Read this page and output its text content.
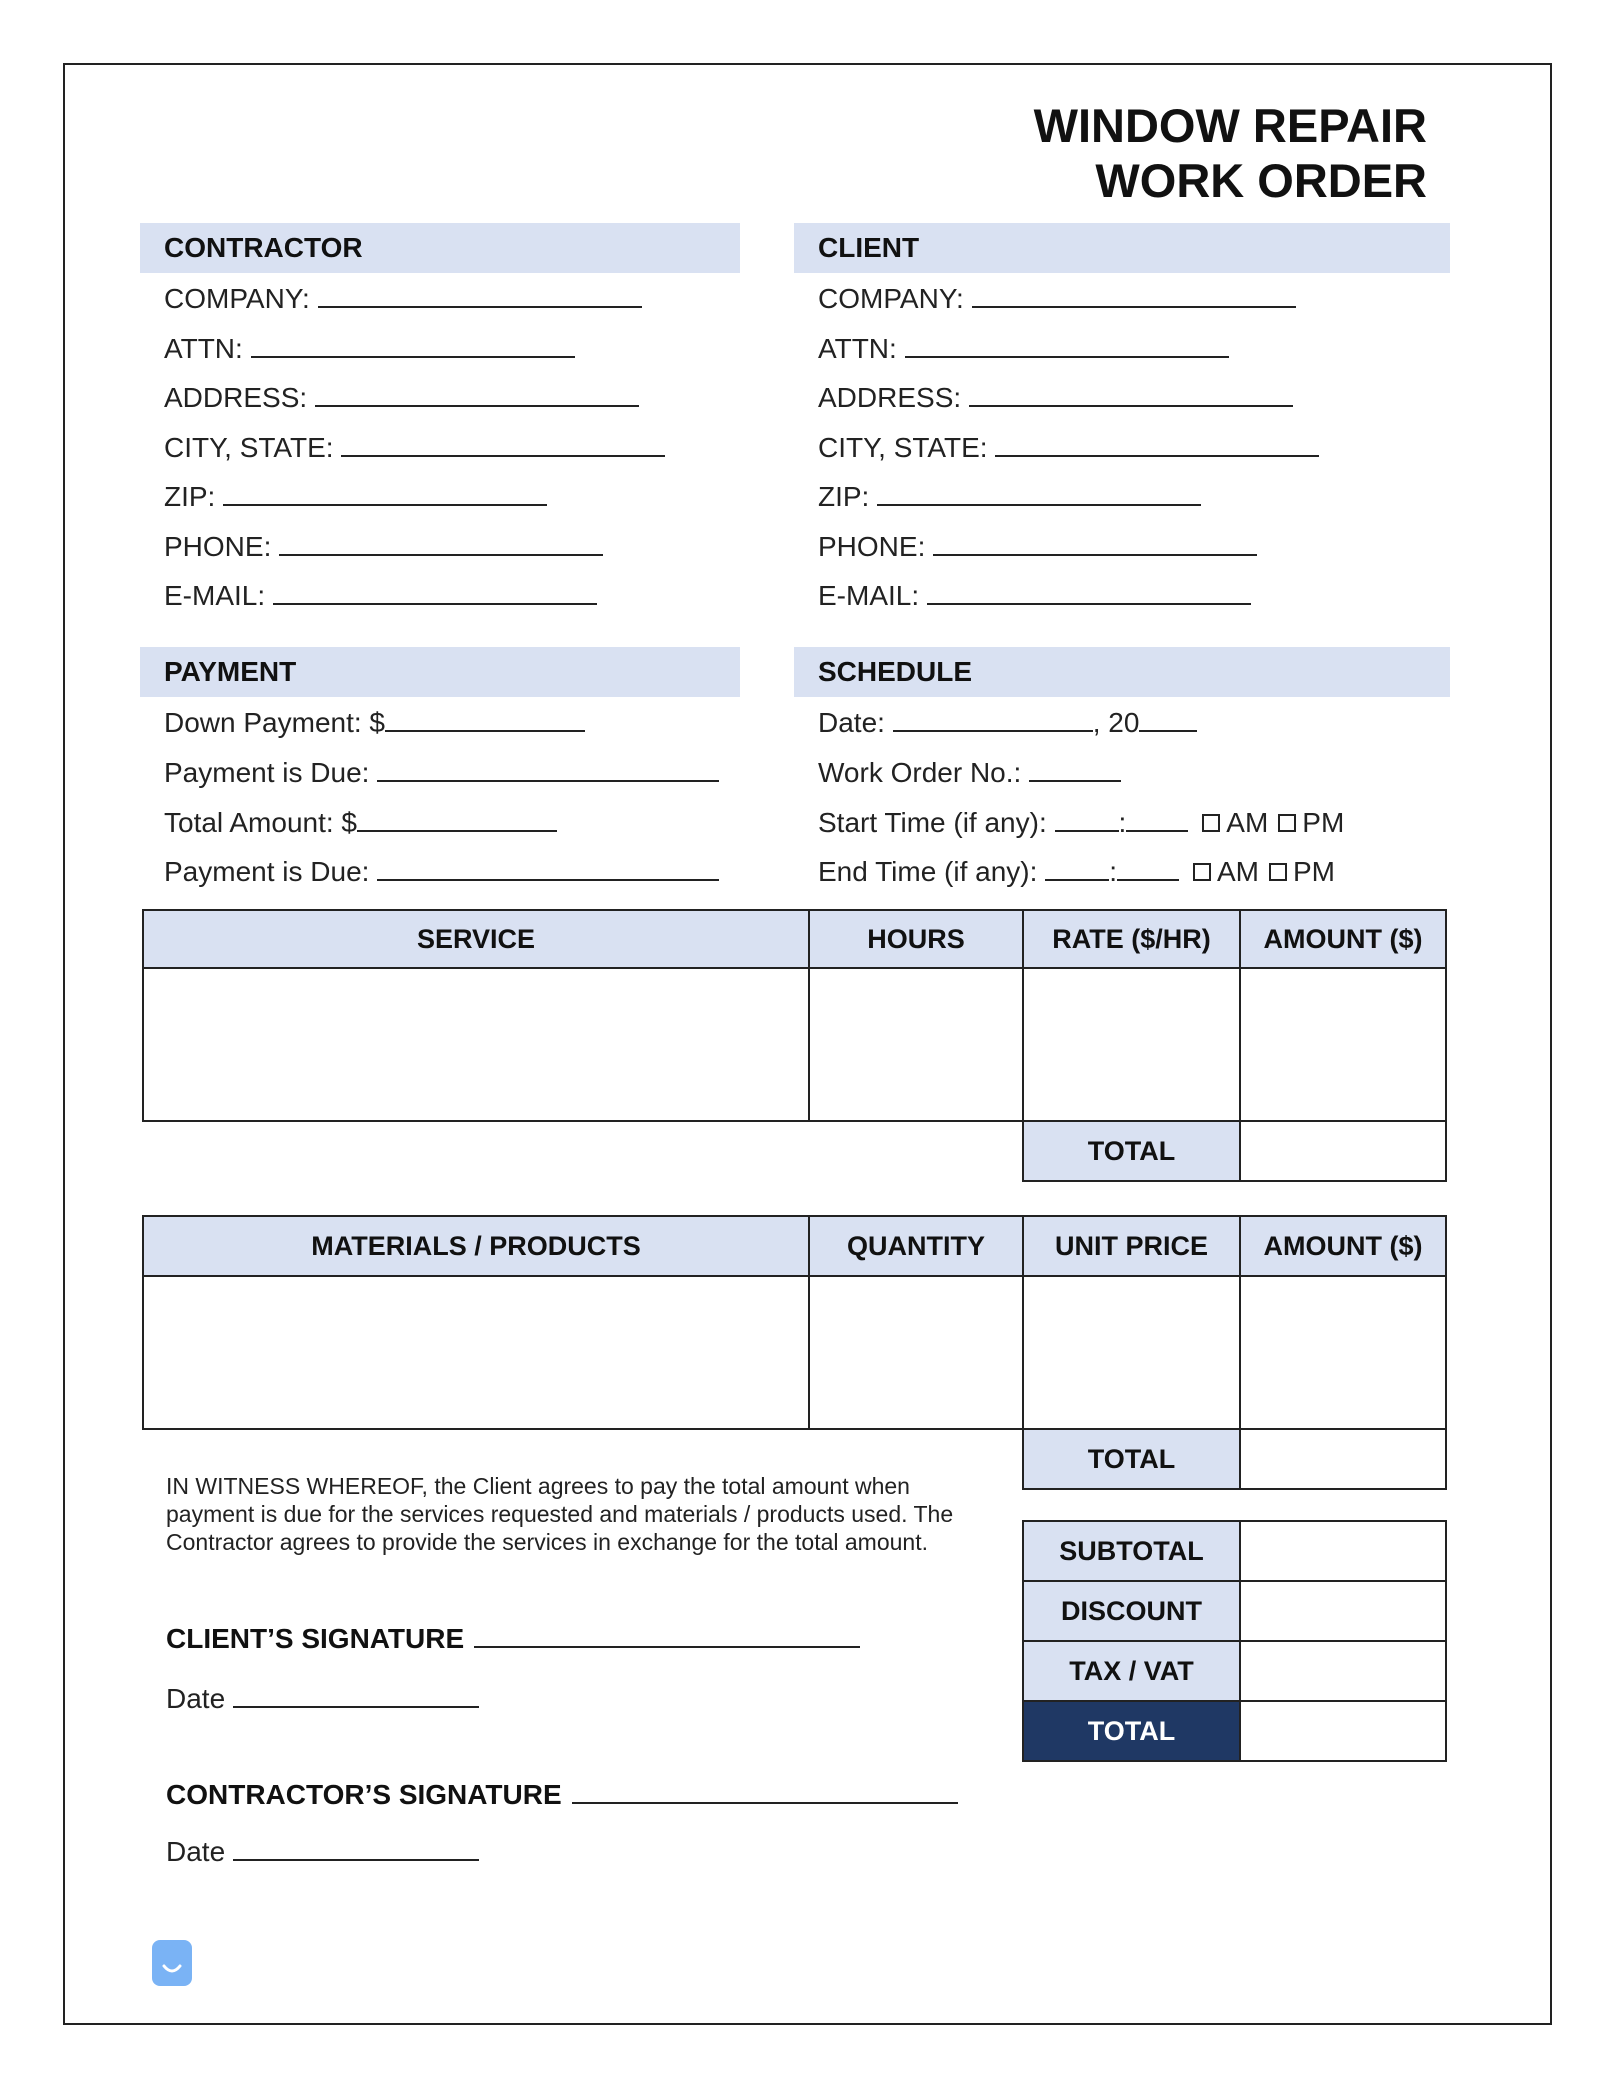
WINDOW REPAIR
WORK ORDER
CONTRACTOR
COMPANY:
ATTN:
ADDRESS:
CITY, STATE:
ZIP:
PHONE:
E-MAIL:
CLIENT
COMPANY:
ATTN:
ADDRESS:
CITY, STATE:
ZIP:
PHONE:
E-MAIL:
PAYMENT
Down Payment: $
Payment is Due:
Total Amount: $
Payment is Due:
SCHEDULE
Date:	, 20
Work Order No.:
Start Time (if any):	:	AM PM
End Time (if any):	:	AM PM
SERVICE	HOURS	RATE ($/HR)	AMOUNT ($)

		TOTAL	
MATERIALS / PRODUCTS	QUANTITY	UNIT PRICE	AMOUNT ($)

		TOTAL	
SUBTOTAL	
DISCOUNT	
TAX / VAT	
TOTAL	
IN WITNESS WHEREOF, the Client agrees to pay the total amount when payment is due for the services requested and materials / products used. The Contractor agrees to provide the services in exchange for the total amount.
CLIENT’S SIGNATURE
Date
CONTRACTOR’S SIGNATURE
Date
